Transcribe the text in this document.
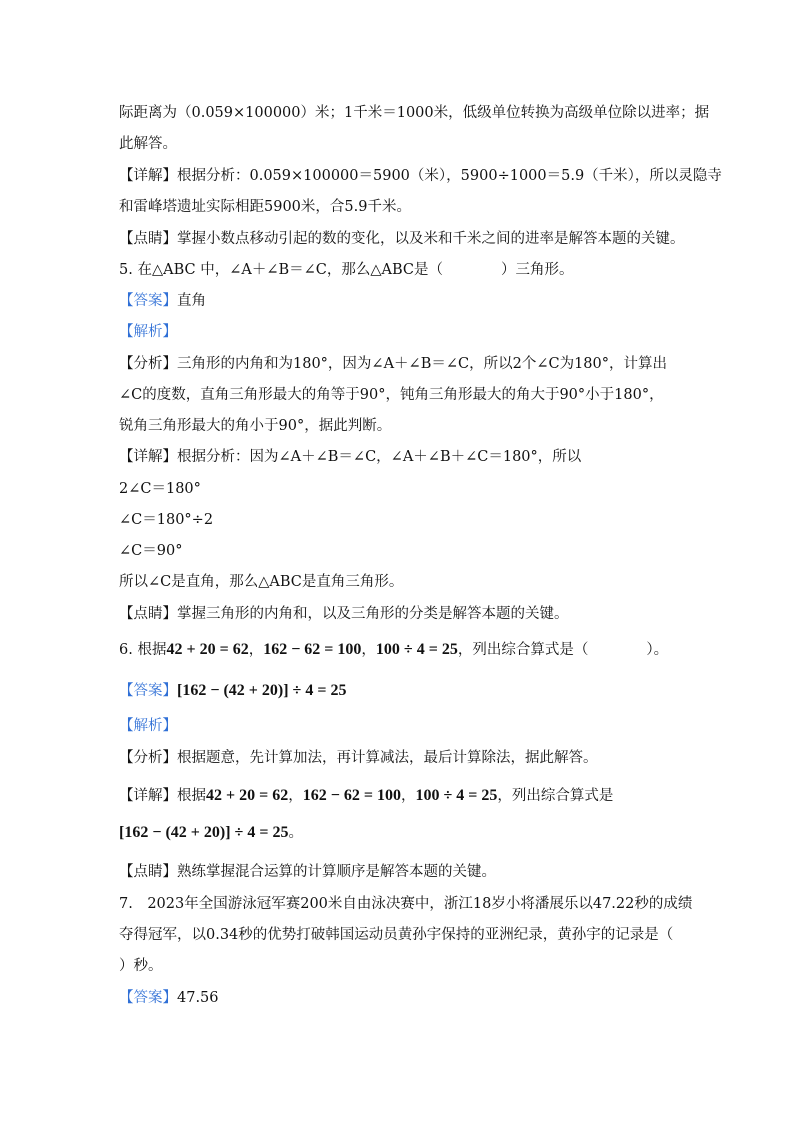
际距离为（0.059×100000）米；1千米＝1000米，低级单位转换为高级单位除以进率；据
此解答。
【详解】根据分析：0.059×100000＝5900（米），5900÷1000＝5.9（千米），所以灵隐寺
和雷峰塔遗址实际相距5900米，合5.9千米。
【点睛】掌握小数点移动引起的数的变化，以及米和千米之间的进率是解答本题的关键。
5. 在△ABC 中，∠A＋∠B＝∠C，那么△ABC是（　　　　）三角形。
【答案】直角
【解析】
【分析】三角形的内角和为180°，因为∠A＋∠B＝∠C，所以2个∠C为180°，计算出
∠C的度数，直角三角形最大的角等于90°，钝角三角形最大的角大于90°小于180°，
锐角三角形最大的角小于90°，据此判断。
【详解】根据分析：因为∠A＋∠B＝∠C，∠A＋∠B＋∠C＝180°，所以
2∠C＝180°
∠C＝180°÷2
∠C＝90°
所以∠C是直角，那么△ABC是直角三角形。
【点睛】掌握三角形的内角和，以及三角形的分类是解答本题的关键。
6. 根据42 + 20 = 62，162 − 62 = 100，100 ÷ 4 = 25，列出综合算式是（　　　　）。
【答案】[162 − (42 + 20)] ÷ 4 = 25
【解析】
【分析】根据题意，先计算加法，再计算减法，最后计算除法，据此解答。
【详解】根据42 + 20 = 62，162 − 62 = 100，100 ÷ 4 = 25，列出综合算式是
[162 − (42 + 20)] ÷ 4 = 25。
【点睛】熟练掌握混合运算的计算顺序是解答本题的关键。
7.　2023年全国游泳冠军赛200米自由泳决赛中，浙江18岁小将潘展乐以47.22秒的成绩
夺得冠军，以0.34秒的优势打破韩国运动员黄孙宇保持的亚洲纪录，黄孙宇的记录是（
）秒。
【答案】47.56
